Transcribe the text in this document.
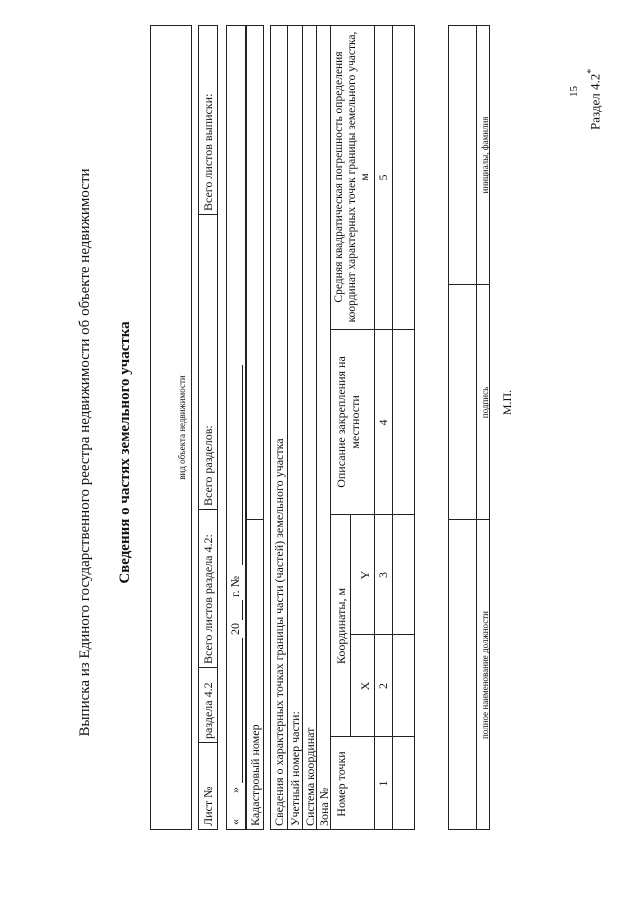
15 Раздел 4.2*
Выписка из Единого государственного реестра недвижимости об объекте недвижимости Сведения о частях земельного участка	вид объекта недвижимости
Лист №
раздела 4.2
Всего листов раздела 4.2:
Всего разделов:
Всего листов выписки:
«
»
20
г. №
Кадастровый номер Сведения о характерных точках границы части (частей) земельного участка Учетный номер части: Система координат Зона № Номер точки
Координаты, м
X
Y
Описание закрепления на местности
Средняя квадратическая погрешность определения координат характерных точек границы земельного участка, м
1
2
3
4
5
полное наименование должности
подпись
инициалы, фамилия
М.П.
